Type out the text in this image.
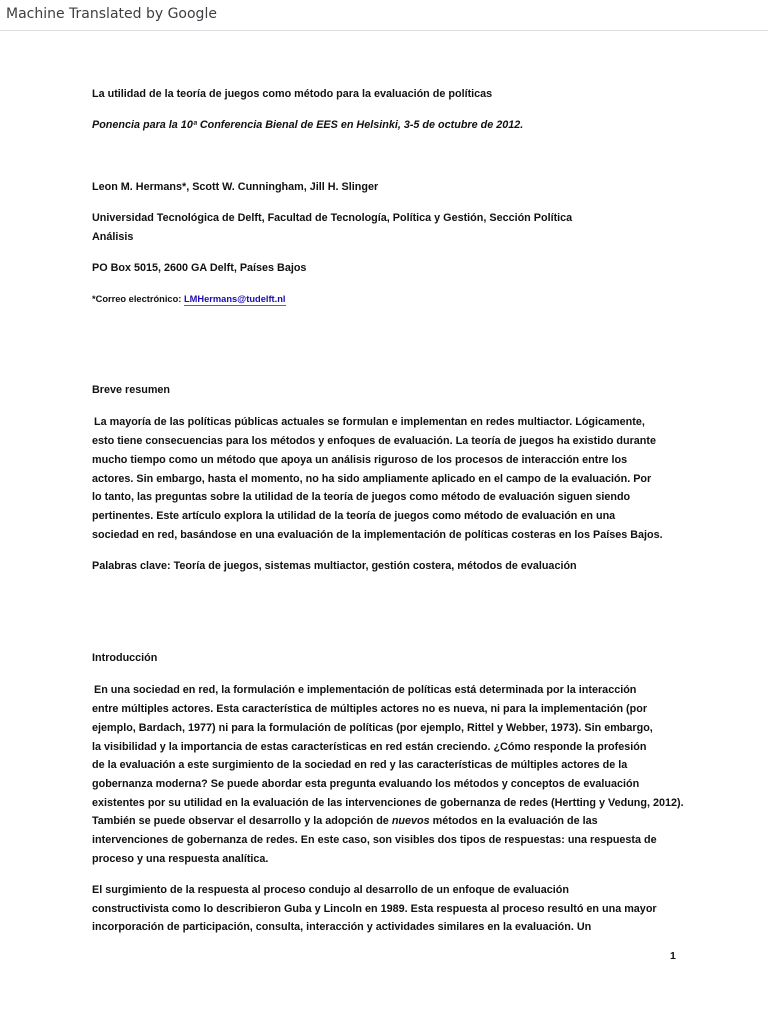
Machine Translated by Google
La utilidad de la teoría de juegos como método para la evaluación de políticas
Ponencia para la 10ª Conferencia Bienal de EES en Helsinki, 3-5 de octubre de 2012.
Leon M. Hermans*, Scott W. Cunningham, Jill H. Slinger
Universidad Tecnológica de Delft, Facultad de Tecnología, Política y Gestión, Sección Política
Análisis
PO Box 5015, 2600 GA Delft, Países Bajos
*Correo electrónico: LMHermans@tudelft.nl
Breve resumen
La mayoría de las políticas públicas actuales se formulan e implementan en redes multiactor. Lógicamente,
esto tiene consecuencias para los métodos y enfoques de evaluación. La teoría de juegos ha existido durante
mucho tiempo como un método que apoya un análisis riguroso de los procesos de interacción entre los
actores. Sin embargo, hasta el momento, no ha sido ampliamente aplicado en el campo de la evaluación. Por
lo tanto, las preguntas sobre la utilidad de la teoría de juegos como método de evaluación siguen siendo
pertinentes. Este artículo explora la utilidad de la teoría de juegos como método de evaluación en una
sociedad en red, basándose en una evaluación de la implementación de políticas costeras en los Países Bajos.
Palabras clave: Teoría de juegos, sistemas multiactor, gestión costera, métodos de evaluación
Introducción
En una sociedad en red, la formulación e implementación de políticas está determinada por la interacción
entre múltiples actores. Esta característica de múltiples actores no es nueva, ni para la implementación (por
ejemplo, Bardach, 1977) ni para la formulación de políticas (por ejemplo, Rittel y Webber, 1973). Sin embargo,
la visibilidad y la importancia de estas características en red están creciendo. ¿Cómo responde la profesión
de la evaluación a este surgimiento de la sociedad en red y las características de múltiples actores de la
gobernanza moderna? Se puede abordar esta pregunta evaluando los métodos y conceptos de evaluación
existentes por su utilidad en la evaluación de las intervenciones de gobernanza de redes (Hertting y Vedung, 2012).
También se puede observar el desarrollo y la adopción de nuevos métodos en la evaluación de las
intervenciones de gobernanza de redes. En este caso, son visibles dos tipos de respuestas: una respuesta de
proceso y una respuesta analítica.
El surgimiento de la respuesta al proceso condujo al desarrollo de un enfoque de evaluación
constructivista como lo describieron Guba y Lincoln en 1989. Esta respuesta al proceso resultó en una mayor
incorporación de participación, consulta, interacción y actividades similares en la evaluación. Un
1
